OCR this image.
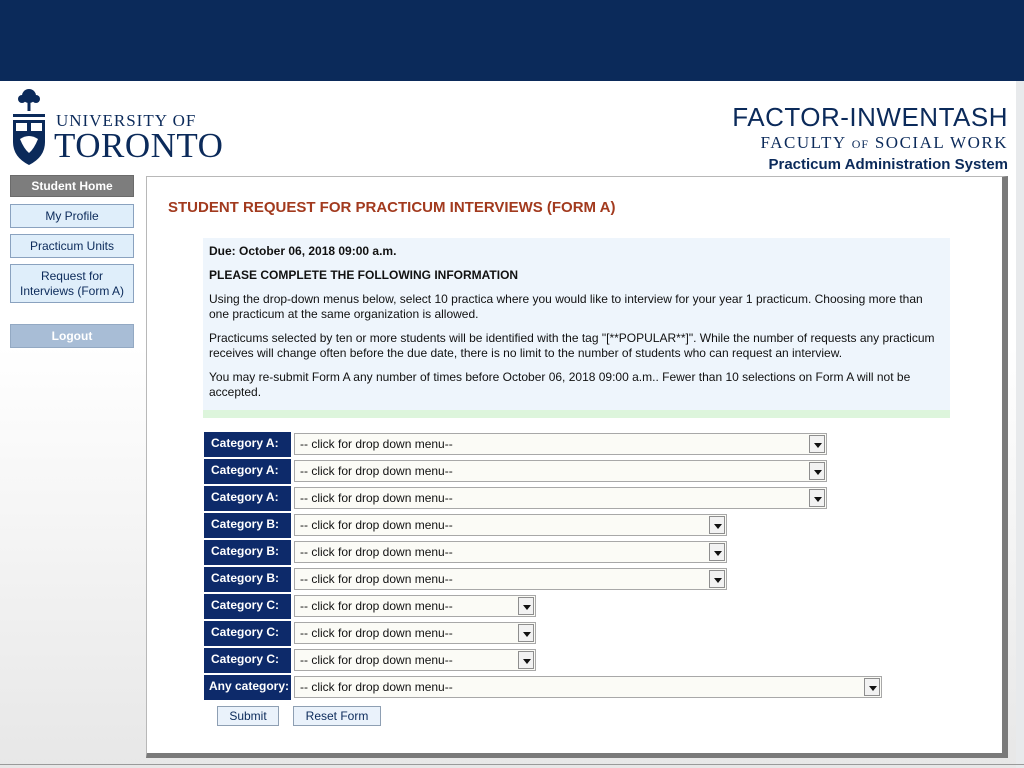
UNIVERSITY OF
TORONTO
FACTOR-INWENTASH
FACULTY OF SOCIAL WORK
Practicum Administration System
Student Home
My Profile
Practicum Units
Request for Interviews (Form A)
Logout
STUDENT REQUEST FOR PRACTICUM INTERVIEWS (FORM A)

Due: October 06, 2018 09:00 a.m.

PLEASE COMPLETE THE FOLLOWING INFORMATION

Using the drop-down menus below, select 10 practica where you would like to interview for your year 1 practicum. Choosing more than one practicum at the same organization is allowed.

Practicums selected by ten or more students will be identified with the tag "[**POPULAR**]". While the number of requests any practicum receives will change often before the due date, there is no limit to the number of students who can request an interview.

You may re-submit Form A any number of times before October 06, 2018 09:00 a.m.. Fewer than 10 selections on Form A will not be accepted.

Category A:	-- click for drop down menu--
Category A:	-- click for drop down menu--
Category A:	-- click for drop down menu--
Category B:	-- click for drop down menu--
Category B:	-- click for drop down menu--
Category B:	-- click for drop down menu--
Category C:	-- click for drop down menu--
Category C:	-- click for drop down menu--
Category C:	-- click for drop down menu--
Any category: -- click for drop down menu--
Submit	Reset Form
